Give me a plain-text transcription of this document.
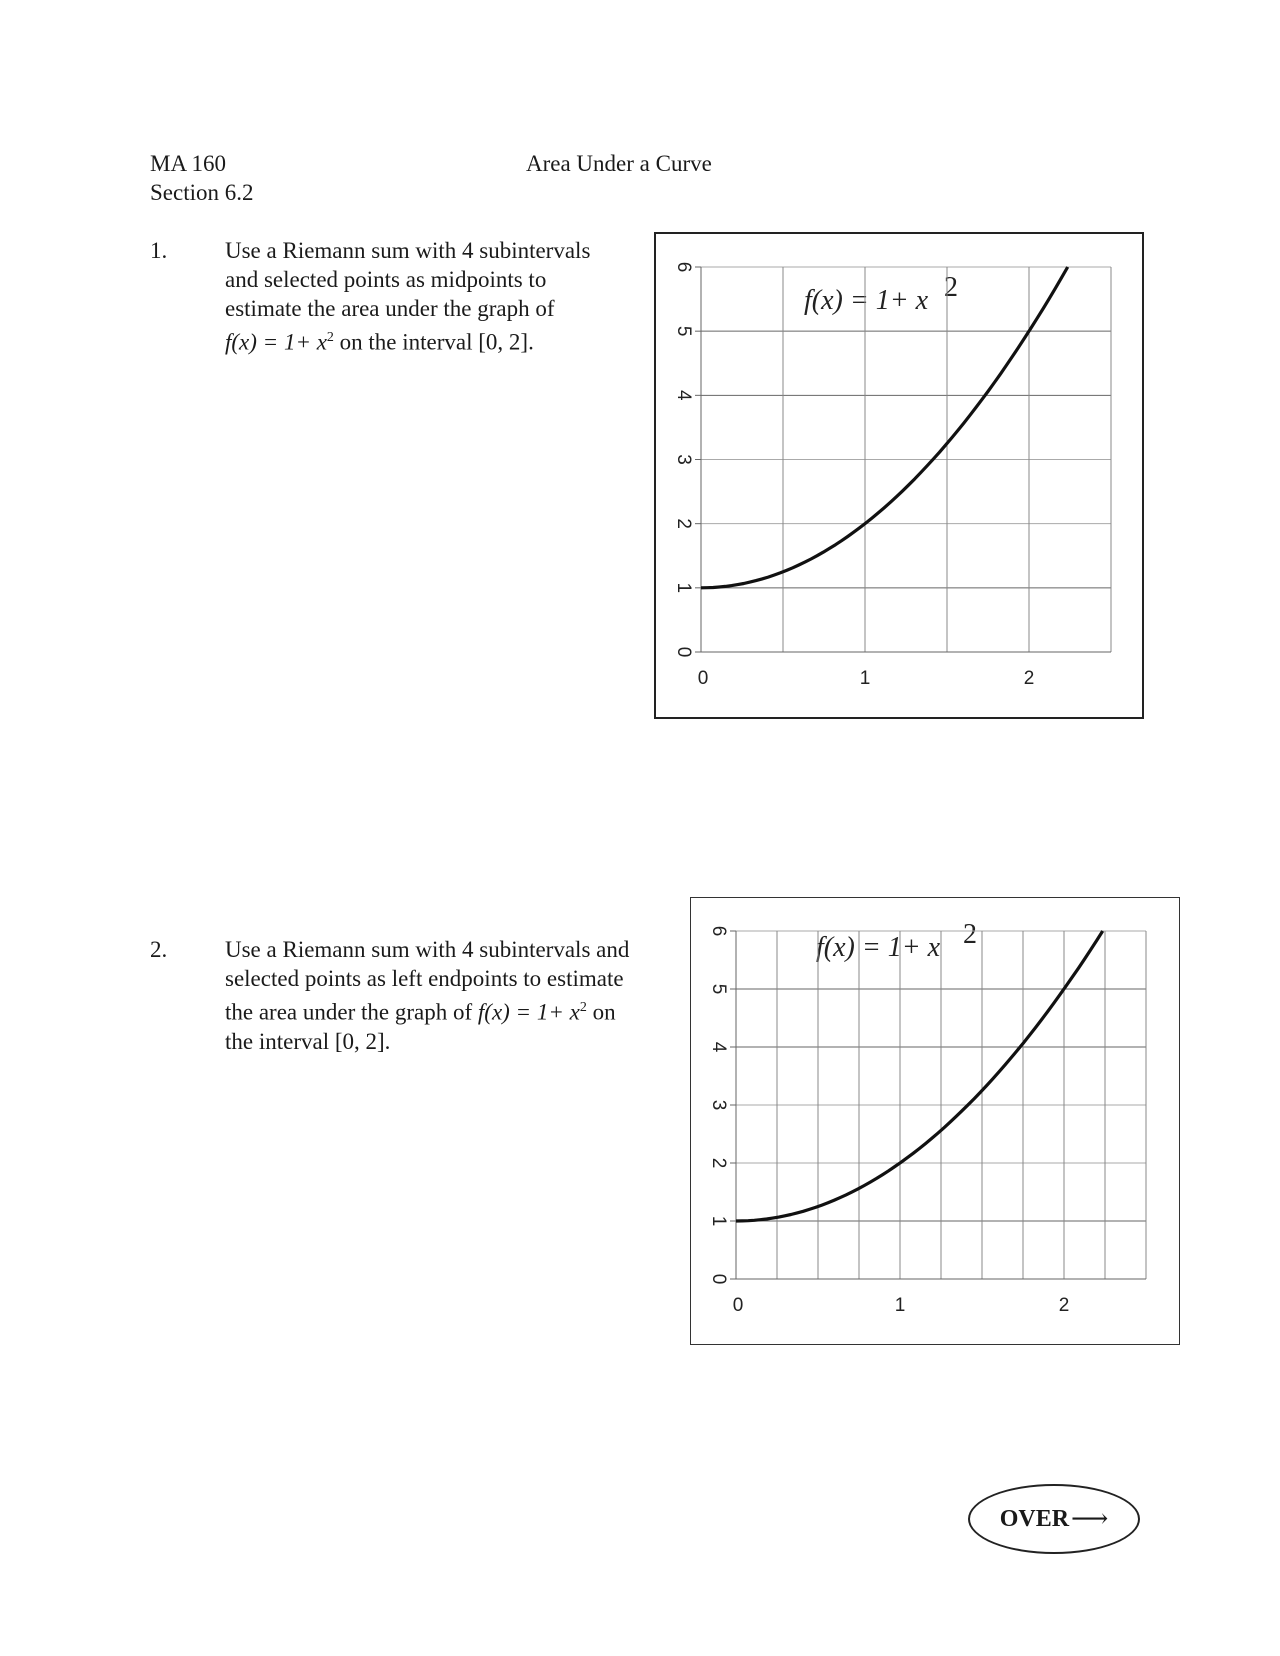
MA 160
Section 6.2
Area Under a Curve
1.	Use a Riemann sum with 4 subintervals
and selected points as midpoints to
estimate the area under the graph of
$f(x) = 1+ x^2$ on the interval [0, 2].
2.	Use a Riemann sum with 4 subintervals and
selected points as left endpoints to estimate
the area under the graph of $f(x) = 1+ x^2$ on
the interval [0, 2].
f(x) = 1+ x 2
0
1
2
3
4
5
6
0	1	2
f(x) = 1+ x 2
0
1
2
3
4
5
6
0	1	2
OVER ⟶
